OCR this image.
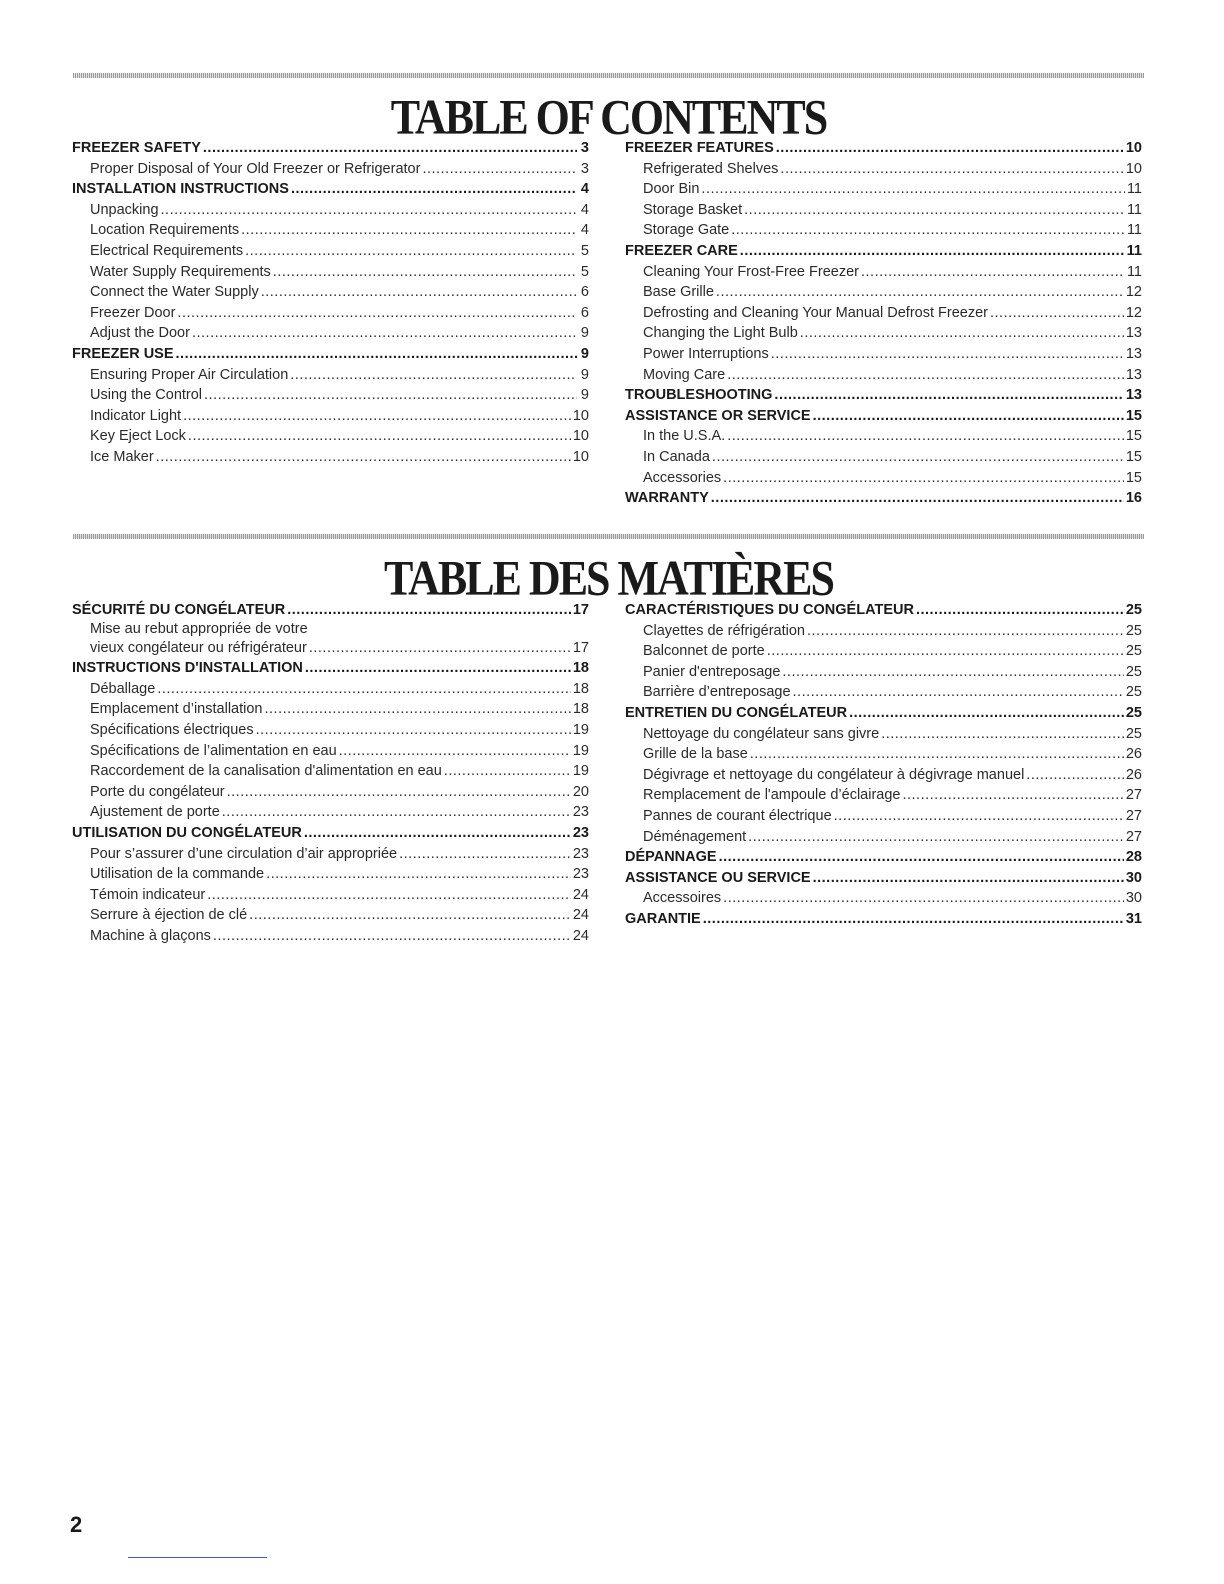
TABLE OF CONTENTS
FREEZER SAFETY .....	3
Proper Disposal of Your Old Freezer or Refrigerator .....	3
INSTALLATION INSTRUCTIONS .....	4
Unpacking .....	4
Location Requirements .....	4
Electrical Requirements .....	5
Water Supply Requirements .....	5
Connect the Water Supply .....	6
Freezer Door .....	6
Adjust the Door .....	9
FREEZER USE .....	9
Ensuring Proper Air Circulation .....	9
Using the Control .....	9
Indicator Light .....	10
Key Eject Lock .....	10
Ice Maker .....	10
FREEZER FEATURES .....	10
Refrigerated Shelves .....	10
Door Bin .....	11
Storage Basket .....	11
Storage Gate .....	11
FREEZER CARE .....	11
Cleaning Your Frost-Free Freezer .....	11
Base Grille .....	12
Defrosting and Cleaning Your Manual Defrost Freezer .....	12
Changing the Light Bulb .....	13
Power Interruptions .....	13
Moving Care .....	13
TROUBLESHOOTING .....	13
ASSISTANCE OR SERVICE .....	15
In the U.S.A. .....	15
In Canada .....	15
Accessories .....	15
WARRANTY .....	16
TABLE DES MATIÈRES
SÉCURITÉ DU CONGÉLATEUR .....	17
Mise au rebut appropriée de votre
vieux congélateur ou réfrigérateur .....	17
INSTRUCTIONS D'INSTALLATION .....	18
Déballage .....	18
Emplacement d’installation .....	18
Spécifications électriques .....	19
Spécifications de l’alimentation en eau .....	19
Raccordement de la canalisation d'alimentation en eau .....	19
Porte du congélateur .....	20
Ajustement de porte .....	23
UTILISATION DU CONGÉLATEUR .....	23
Pour s’assurer d’une circulation d’air appropriée .....	23
Utilisation de la commande .....	23
Témoin indicateur .....	24
Serrure à éjection de clé .....	24
Machine à glaçons .....	24
CARACTÉRISTIQUES DU CONGÉLATEUR .....	25
Clayettes de réfrigération .....	25
Balconnet de porte .....	25
Panier d'entreposage .....	25
Barrière d’entreposage .....	25
ENTRETIEN DU CONGÉLATEUR .....	25
Nettoyage du congélateur sans givre .....	25
Grille de la base .....	26
Dégivrage et nettoyage du congélateur à dégivrage manuel .....	26
Remplacement de l'ampoule d’éclairage .....	27
Pannes de courant électrique .....	27
Déménagement .....	27
DÉPANNAGE .....	28
ASSISTANCE OU SERVICE .....	30
Accessoires .....	30
GARANTIE .....	31
2
